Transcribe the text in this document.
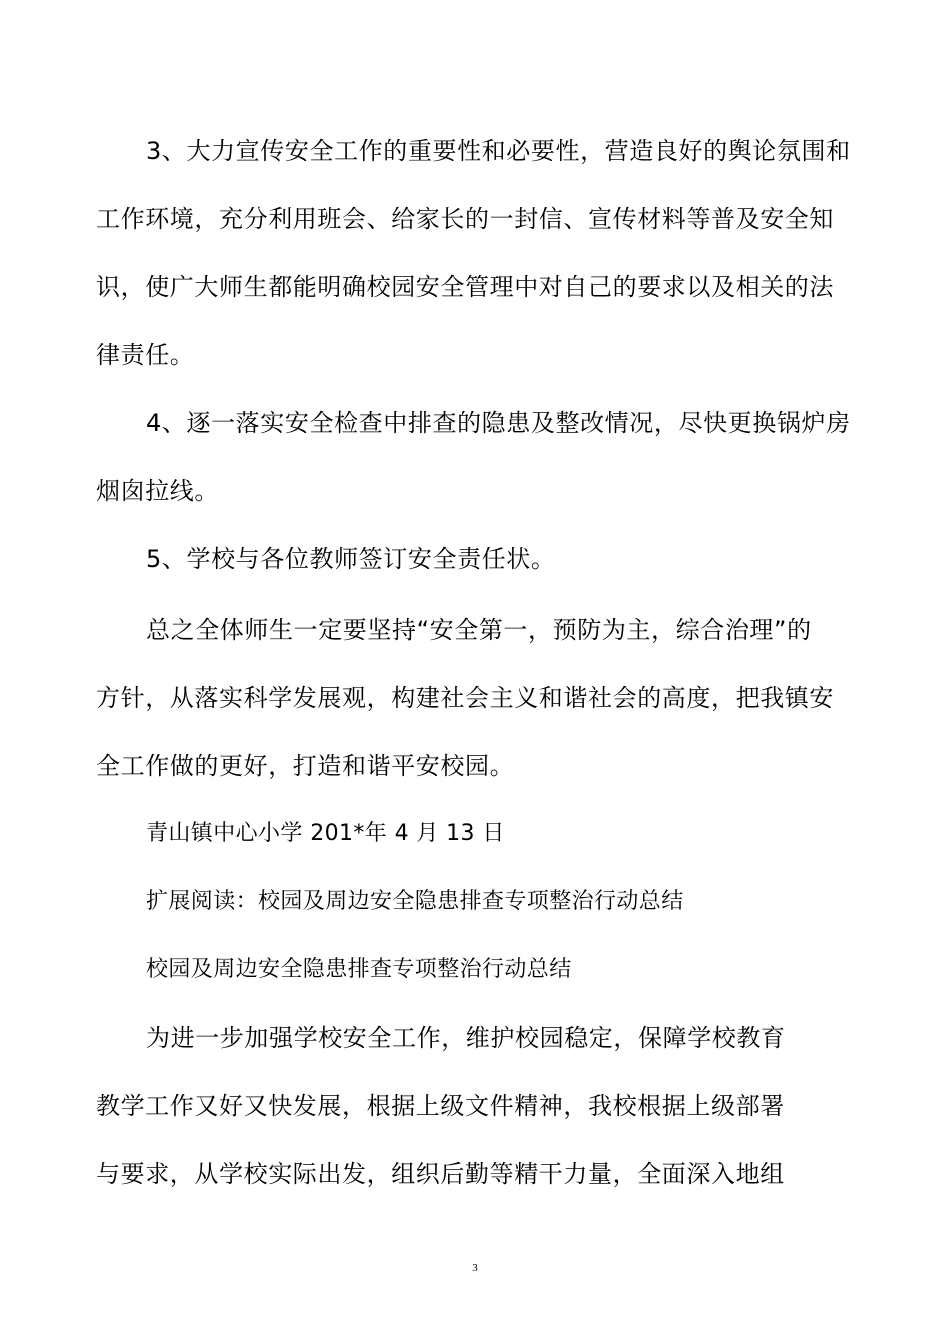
3、大力宣传安全工作的重要性和必要性，营造良好的舆论氛围和
工作环境，充分利用班会、给家长的一封信、宣传材料等普及安全知
识，使广大师生都能明确校园安全管理中对自己的要求以及相关的法
律责任。
4、逐一落实安全检查中排查的隐患及整改情况，尽快更换锅炉房
烟囱拉线。
5、学校与各位教师签订安全责任状。
总之全体师生一定要坚持“安全第一，预防为主，综合治理”的
方针，从落实科学发展观，构建社会主义和谐社会的高度，把我镇安
全工作做的更好，打造和谐平安校园。
青山镇中心小学 201*年 4 月 13 日
扩展阅读：校园及周边安全隐患排查专项整治行动总结
校园及周边安全隐患排查专项整治行动总结
为进一步加强学校安全工作，维护校园稳定，保障学校教育
教学工作又好又快发展，根据上级文件精神，我校根据上级部署
与要求，从学校实际出发，组织后勤等精干力量，全面深入地组
3
